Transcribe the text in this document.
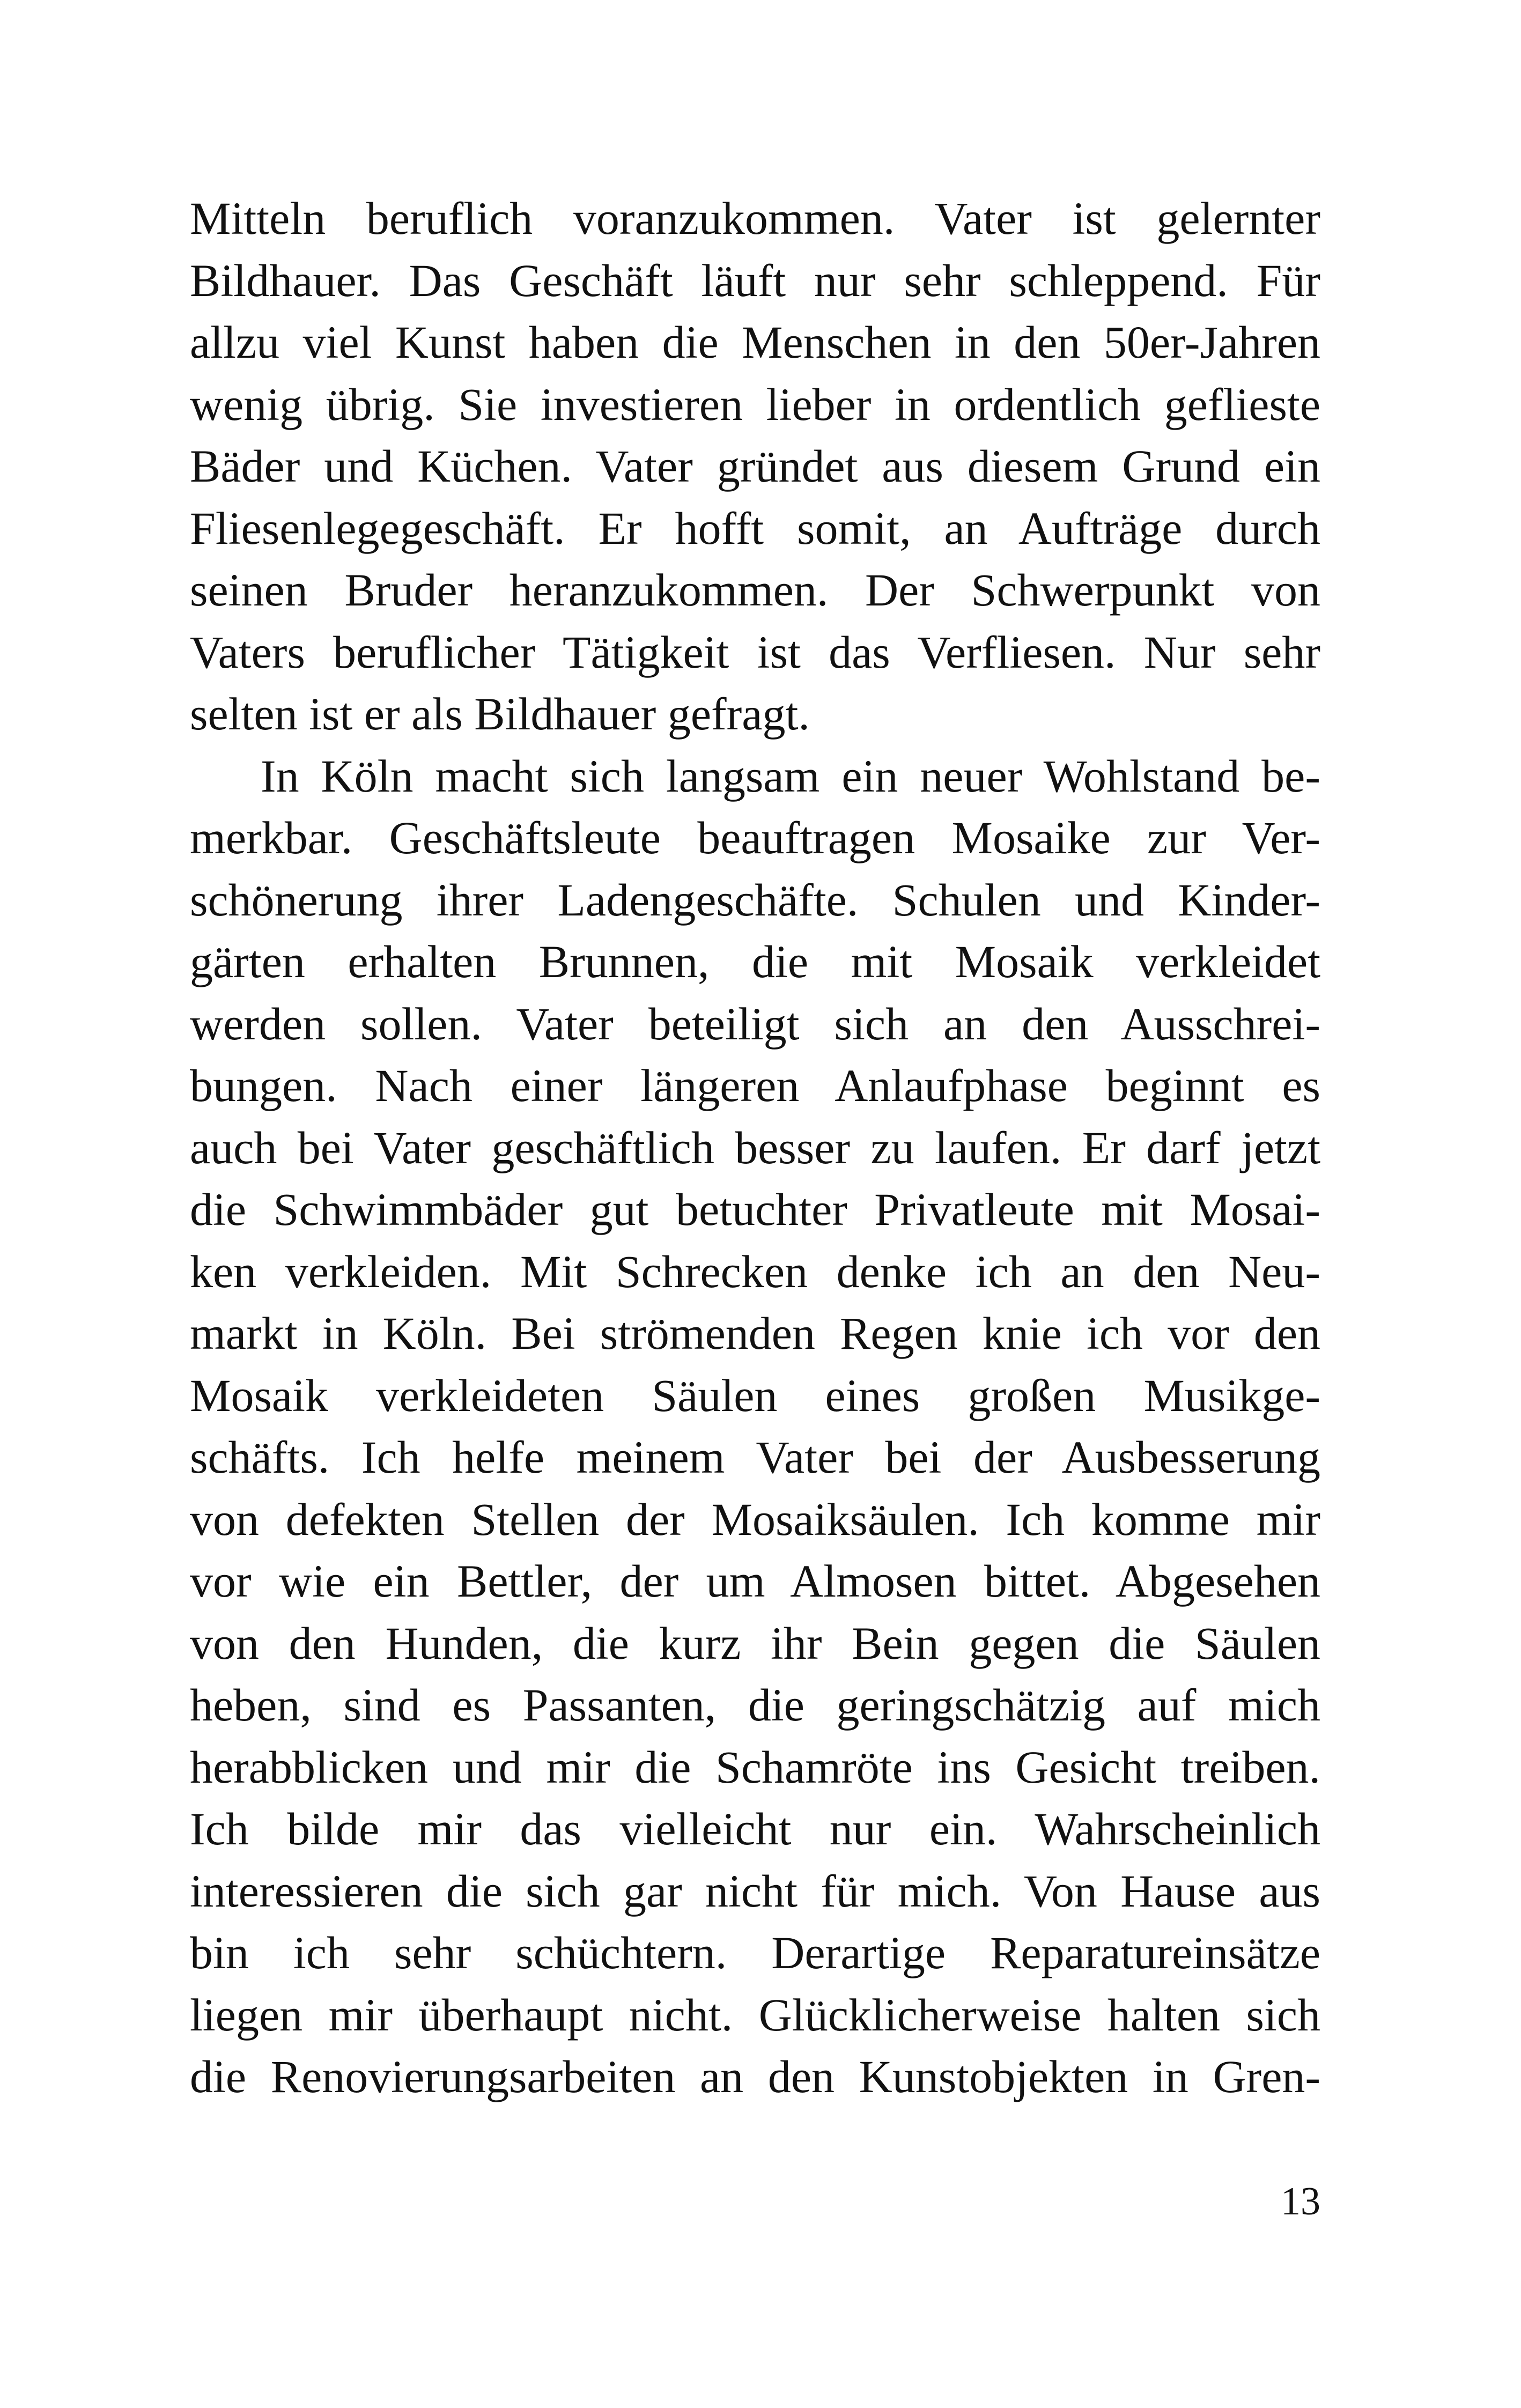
Mitteln beruflich voranzukommen. Vater ist gelernter
Bildhauer. Das Geschäft läuft nur sehr schleppend. Für
allzu viel Kunst haben die Menschen in den 50er-Jahren
wenig übrig. Sie investieren lieber in ordentlich geflieste
Bäder und Küchen. Vater gründet aus diesem Grund ein
Fliesenlegegeschäft. Er hofft somit, an Aufträge durch
seinen Bruder heranzukommen. Der Schwerpunkt von
Vaters beruflicher Tätigkeit ist das Verfliesen. Nur sehr
selten ist er als Bildhauer gefragt.
In Köln macht sich langsam ein neuer Wohlstand be-
merkbar. Geschäftsleute beauftragen Mosaike zur Ver-
schönerung ihrer Ladengeschäfte. Schulen und Kinder-
gärten erhalten Brunnen, die mit Mosaik verkleidet
werden sollen. Vater beteiligt sich an den Ausschrei-
bungen. Nach einer längeren Anlaufphase beginnt es
auch bei Vater geschäftlich besser zu laufen. Er darf jetzt
die Schwimmbäder gut betuchter Privatleute mit Mosai-
ken verkleiden. Mit Schrecken denke ich an den Neu-
markt in Köln. Bei strömenden Regen knie ich vor den
Mosaik verkleideten Säulen eines großen Musikge-
schäfts. Ich helfe meinem Vater bei der Ausbesserung
von defekten Stellen der Mosaiksäulen. Ich komme mir
vor wie ein Bettler, der um Almosen bittet. Abgesehen
von den Hunden, die kurz ihr Bein gegen die Säulen
heben, sind es Passanten, die geringschätzig auf mich
herabblicken und mir die Schamröte ins Gesicht treiben.
Ich bilde mir das vielleicht nur ein. Wahrscheinlich
interessieren die sich gar nicht für mich. Von Hause aus
bin ich sehr schüchtern. Derartige Reparatureinsätze
liegen mir überhaupt nicht. Glücklicherweise halten sich
die Renovierungsarbeiten an den Kunstobjekten in Gren-
13
